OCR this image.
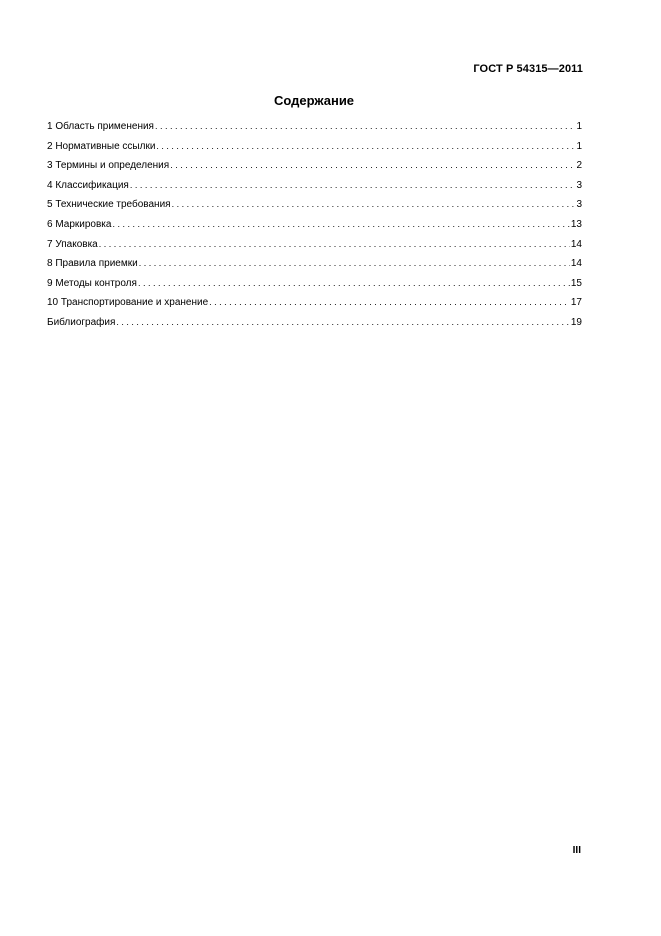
ГОСТ Р 54315—2011
Содержание
1 Область применения . . .	1
2 Нормативные ссылки . . .	1
3 Термины и определения . . .	2
4 Классификация . . .	3
5 Технические требования . . .	3
6 Маркировка . . .	13
7 Упаковка . . .	14
8 Правила приемки . . .	14
9 Методы контроля . . .	15
10 Транспортирование и хранение . . .	17
Библиография . . .	19
III
